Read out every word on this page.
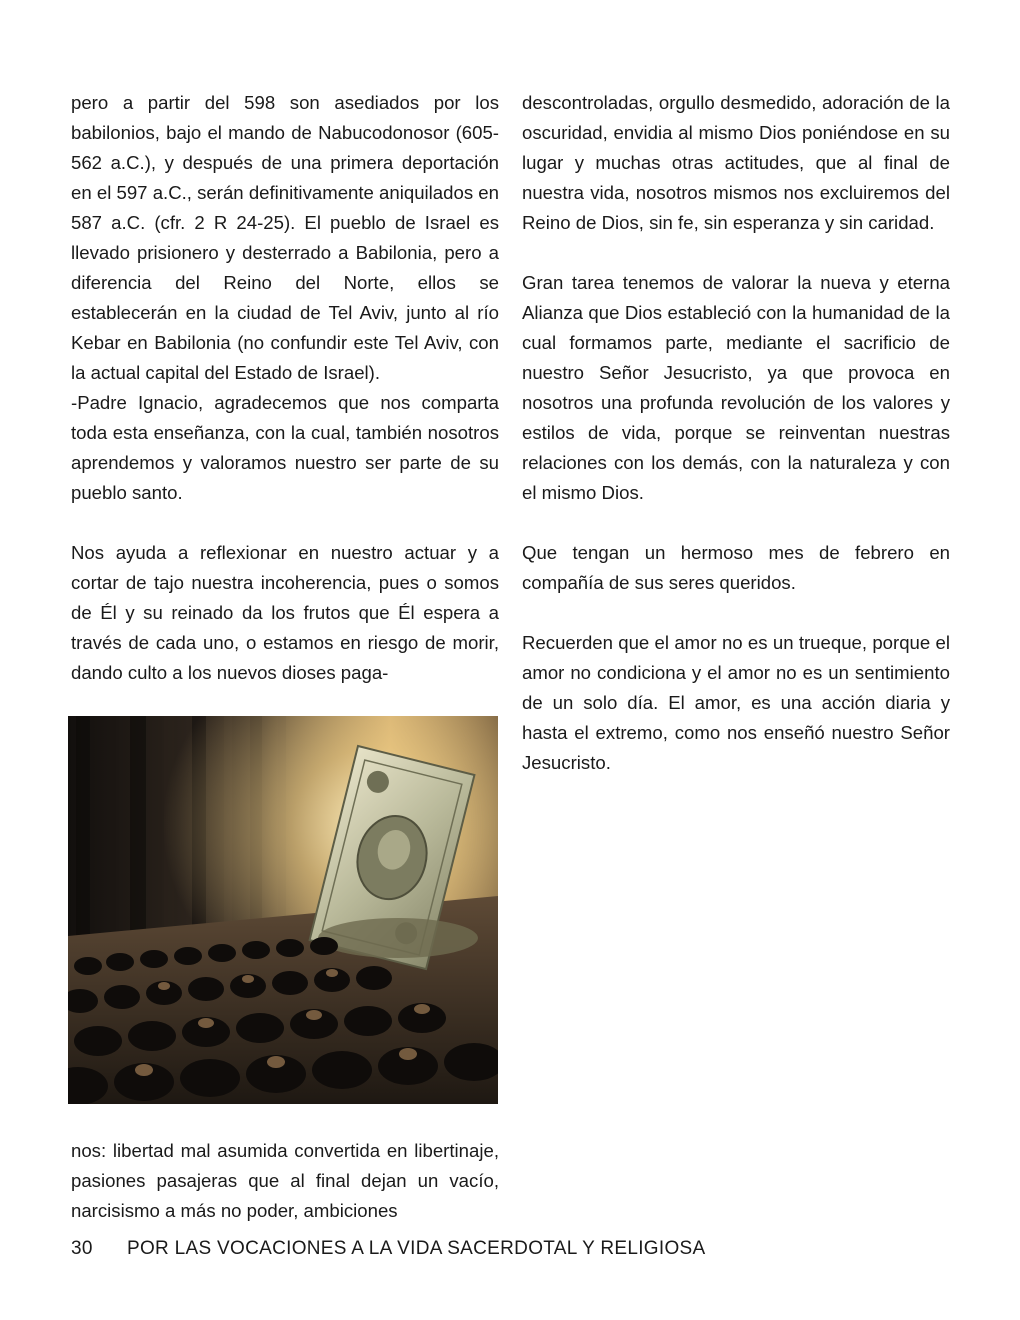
pero a partir del 598 son asediados por los babilonios, bajo el mando de Nabucodonosor (605-562 a.C.), y después de una primera deportación en el 597 a.C., serán definitivamente aniquilados en 587 a.C. (cfr. 2 R 24-25). El pueblo de Israel es llevado prisionero y desterrado a Babilonia, pero a diferencia del Reino del Norte, ellos se establecerán en la ciudad de Tel Aviv, junto al río Kebar en Babilonia (no confundir este Tel Aviv, con la actual capital del Estado de Israel).

-Padre Ignacio, agradecemos que nos comparta toda esta enseñanza, con la cual, también nosotros aprendemos y valoramos nuestro ser parte de su pueblo santo.

Nos ayuda a reflexionar en nuestro actuar y a cortar de tajo nuestra incoherencia, pues o somos de Él y su reinado da los frutos que Él espera a través de cada uno, o estamos en riesgo de morir, dando culto a los nuevos dioses paga-

nos: libertad mal asumida convertida en libertinaje, pasiones pasajeras que al final dejan un vacío, narcisismo a más no poder, ambiciones

descontroladas, orgullo desmedido, adoración de la oscuridad, envidia al mismo Dios poniéndose en su lugar y muchas otras actitudes, que al final de nuestra vida, nosotros mismos nos excluiremos del Reino de Dios, sin fe, sin esperanza y sin caridad.

Gran tarea tenemos de valorar la nueva y eterna Alianza que Dios estableció con la humanidad de la cual formamos parte, mediante el sacrificio de nuestro Señor Jesucristo, ya que provoca en nosotros una profunda revolución de los valores y estilos de vida, porque se reinventan nuestras relaciones con los demás, con la naturaleza y con el mismo Dios.

Que tengan un hermoso mes de febrero en compañía de sus seres queridos.

Recuerden que el amor no es un trueque, porque el amor no condiciona y el amor no es un sentimiento de un solo día. El amor, es una acción diaria y hasta el extremo, como nos enseñó nuestro Señor Jesucristo.

30 POR LAS VOCACIONES A LA VIDA SACERDOTAL Y RELIGIOSA
